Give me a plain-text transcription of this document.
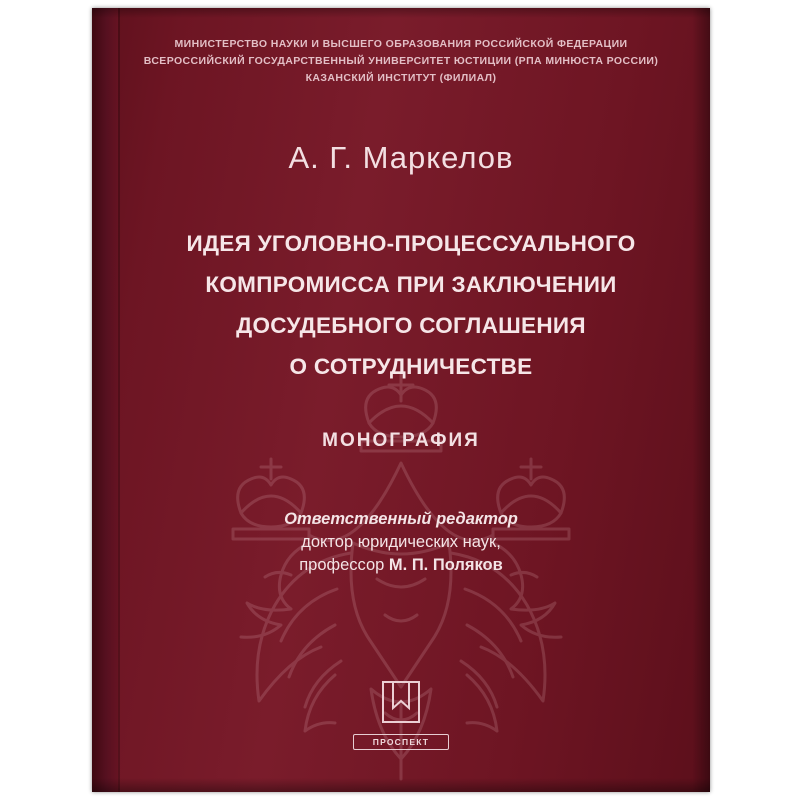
МИНИСТЕРСТВО НАУКИ И ВЫСШЕГО ОБРАЗОВАНИЯ РОССИЙСКОЙ ФЕДЕРАЦИИ
ВСЕРОССИЙСКИЙ ГОСУДАРСТВЕННЫЙ УНИВЕРСИТЕТ ЮСТИЦИИ (РПА МИНЮСТА РОССИИ)
КАЗАНСКИЙ ИНСТИТУТ (ФИЛИАЛ)
А. Г. Маркелов
ИДЕЯ УГОЛОВНО-ПРОЦЕССУАЛЬНОГО
КОМПРОМИССА ПРИ ЗАКЛЮЧЕНИИ
ДОСУДЕБНОГО СОГЛАШЕНИЯ
О СОТРУДНИЧЕСТВЕ
МОНОГРАФИЯ
Ответственный редактор
доктор юридических наук,
профессор М. П. Поляков
ПРОСПЕКТ
